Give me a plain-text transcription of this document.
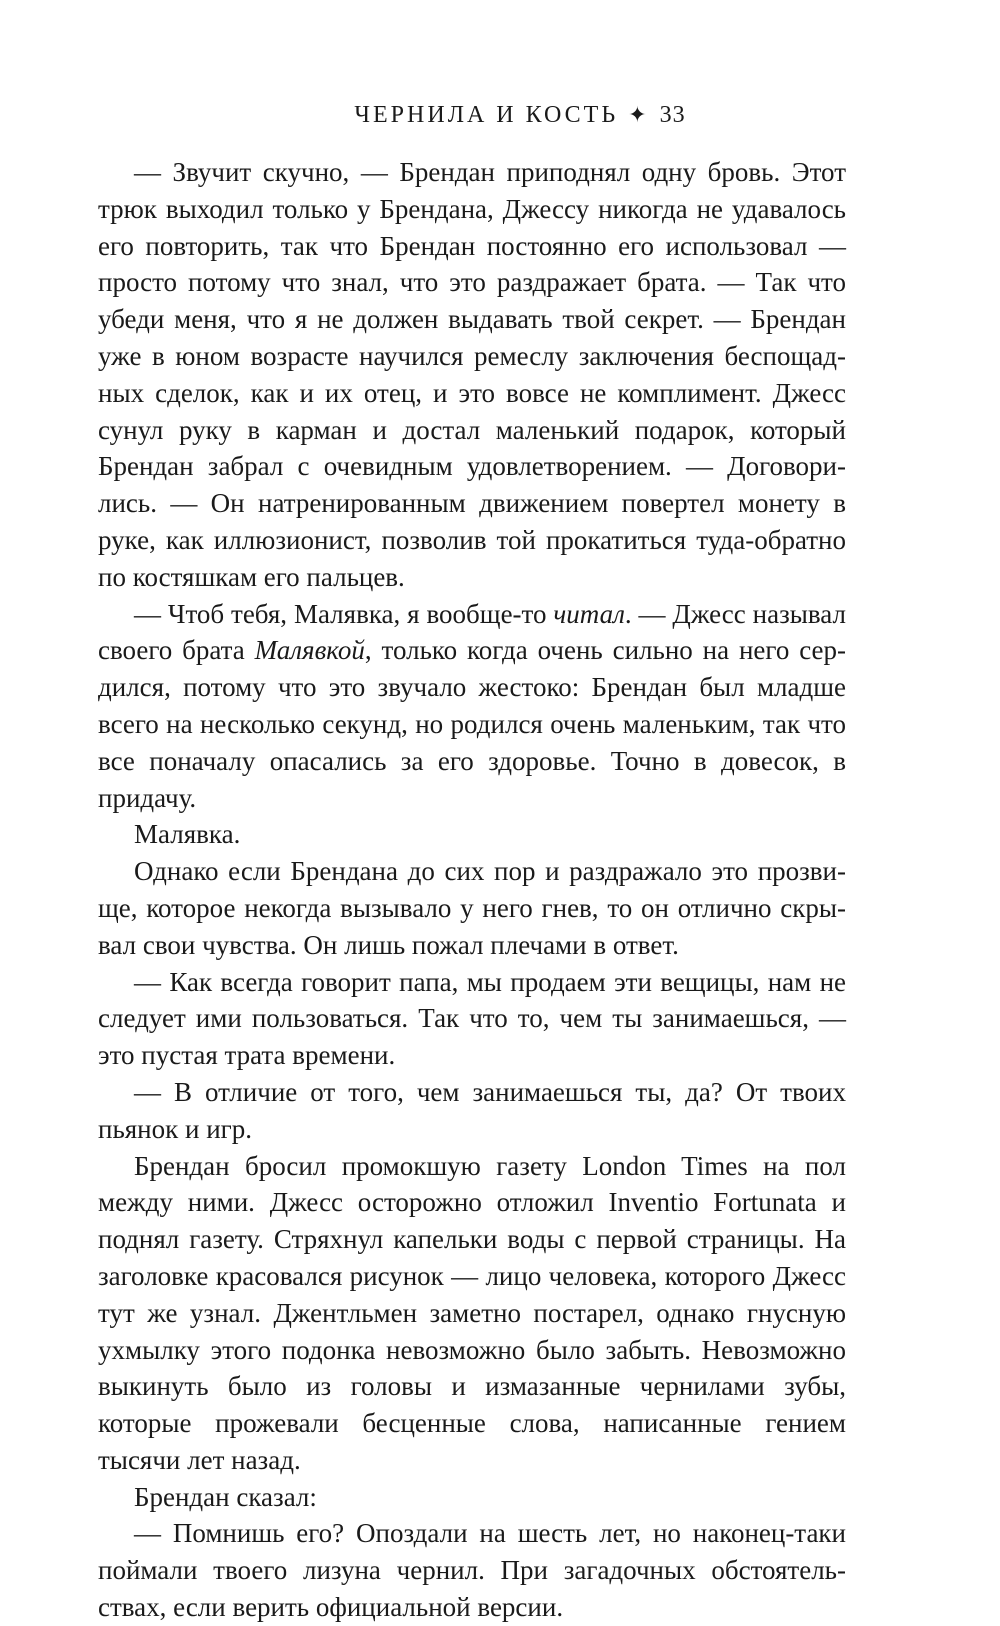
ЧЕРНИЛА И КОСТЬ ✦ 33

— Звучит скучно, — Брендан приподнял одну бровь. Этот трюк выходил только у Брендана, Джессу никогда не удавалось его повторить, так что Брендан постоянно его использовал — просто потому что знал, что это раздражает брата. — Так что убеди меня, что я не должен выдавать твой секрет. — Брендан уже в юном возрасте научился ремеслу заключения беспощадных сделок, как и их отец, и это вовсе не комплимент. Джесс сунул руку в карман и достал маленький подарок, который Брендан забрал с очевидным удовлетворением. — Договорились. — Он натренированным движением повертел монету в руке, как иллюзионист, позволив той прокатиться туда-обратно по костяшкам его пальцев.

— Чтоб тебя, Малявка, я вообще-то читал. — Джесс называл своего брата Малявкой, только когда очень сильно на него сердился, потому что это звучало жестоко: Брендан был младше всего на несколько секунд, но родился очень маленьким, так что все поначалу опасались за его здоровье. Точно в довесок, в придачу.

Малявка.

Однако если Брендана до сих пор и раздражало это прозвище, которое некогда вызывало у него гнев, то он отлично скрывал свои чувства. Он лишь пожал плечами в ответ.

— Как всегда говорит папа, мы продаем эти вещицы, нам не следует ими пользоваться. Так что то, чем ты занимаешься, — это пустая трата времени.

— В отличие от того, чем занимаешься ты, да? От твоих пьянок и игр.

Брендан бросил промокшую газету London Times на пол между ними. Джесс осторожно отложил Inventio Fortunata и поднял газету. Стряхнул капельки воды с первой страницы. На заголовке красовался рисунок — лицо человека, которого Джесс тут же узнал. Джентльмен заметно постарел, однако гнусную ухмылку этого подонка невозможно было забыть. Невозможно выкинуть было из головы и измазанные чернилами зубы, которые прожевали бесценные слова, написанные гением тысячи лет назад.

Брендан сказал:

— Помнишь его? Опоздали на шесть лет, но наконец-таки поймали твоего лизуна чернил. При загадочных обстоятельствах, если верить официальной версии.
